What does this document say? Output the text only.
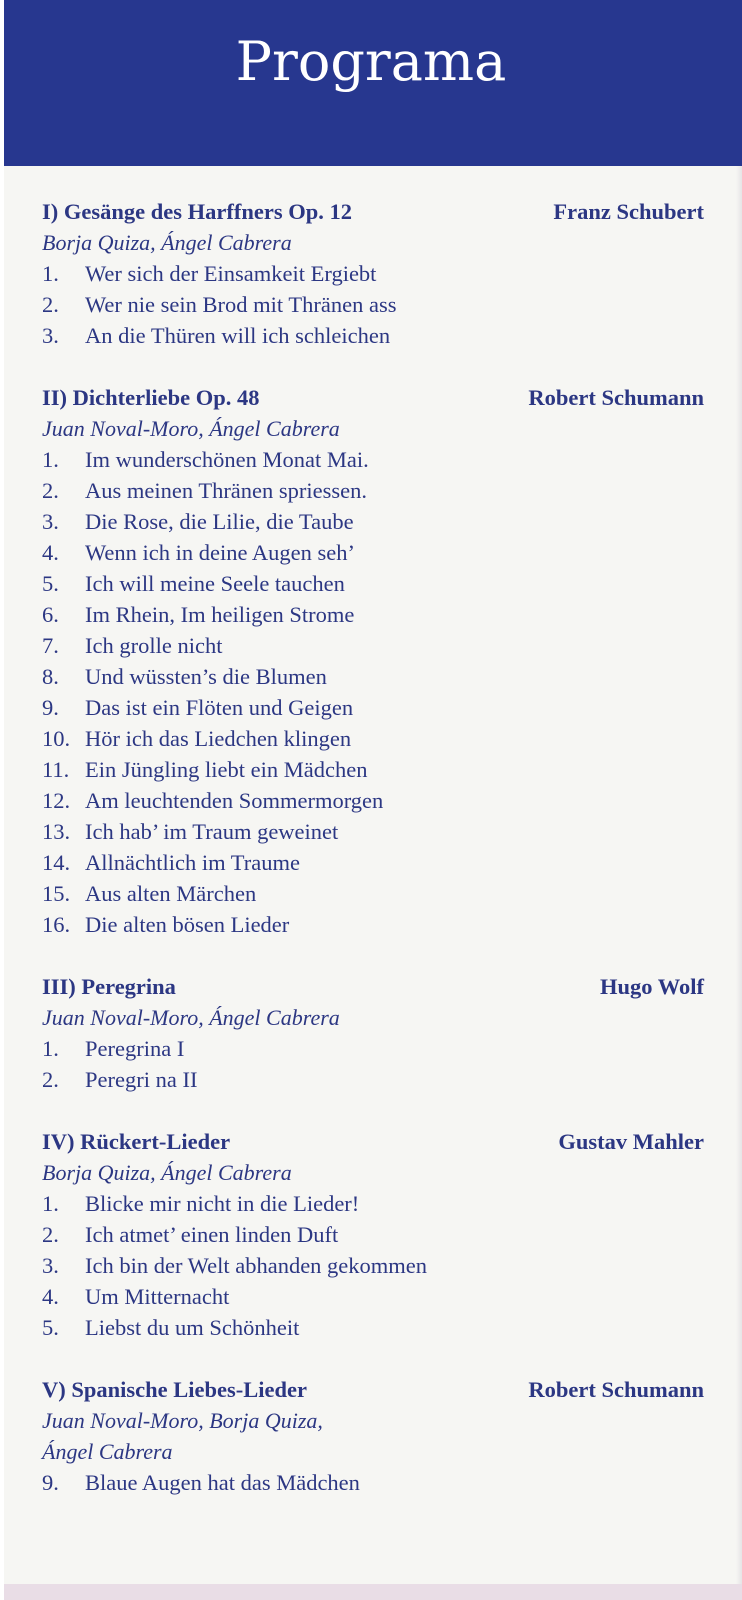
Programa
I) Gesänge des Harffners Op. 12	Franz Schubert
Borja Quiza, Ángel Cabrera
1.	Wer sich der Einsamkeit Ergiebt
2.	Wer nie sein Brod mit Thränen ass
3.	An die Thüren will ich schleichen
II) Dichterliebe Op. 48	Robert Schumann
Juan Noval-Moro, Ángel Cabrera
1.	Im wunderschönen Monat Mai.
2.	Aus meinen Thränen spriessen.
3.	Die Rose, die Lilie, die Taube
4.	Wenn ich in deine Augen seh’
5.	Ich will meine Seele tauchen
6.	Im Rhein, Im heiligen Strome
7.	Ich grolle nicht
8.	Und wüssten’s die Blumen
9.	Das ist ein Flöten und Geigen
10. Hör ich das Liedchen klingen
11. Ein Jüngling liebt ein Mädchen
12. Am leuchtenden Sommermorgen
13. Ich hab’ im Traum geweinet
14. Allnächtlich im Traume
15. Aus alten Märchen
16. Die alten bösen Lieder
III) Peregrina	Hugo Wolf
Juan Noval-Moro, Ángel Cabrera
1.	Peregrina I
2.	Peregri na II
IV) Rückert-Lieder	Gustav Mahler
Borja Quiza, Ángel Cabrera
1.	Blicke mir nicht in die Lieder!
2.	Ich atmet’ einen linden Duft
3.	Ich bin der Welt abhanden gekommen
4.	Um Mitternacht
5.	Liebst du um Schönheit
V) Spanische Liebes-Lieder	Robert Schumann
Juan Noval-Moro, Borja Quiza,
Ángel Cabrera
9.	Blaue Augen hat das Mädchen
